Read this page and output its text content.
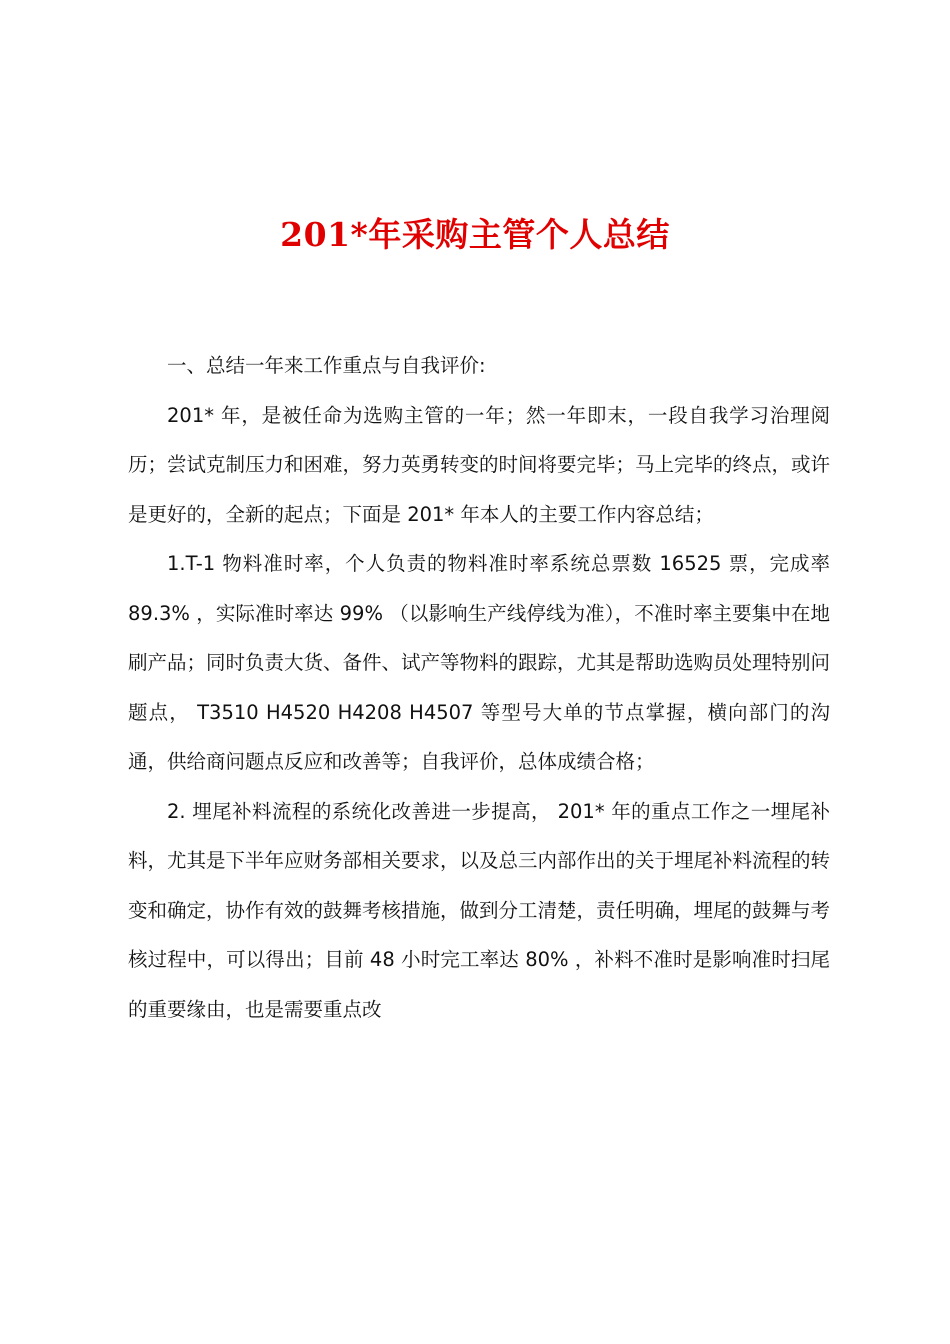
201*年采购主管个人总结

一、总结一年来工作重点与自我评价:

201* 年，是被任命为选购主管的一年；然一年即末，一段自我学习治理阅历；尝试克制压力和困难，努力英勇转变的时间将要完毕；马上完毕的终点，或许是更好的，全新的起点；下面是 201* 年本人的主要工作内容总结；

1.T-1 物料准时率，个人负责的物料准时率系统总票数 16525 票，完成率 89.3% ，实际准时率达 99% （以影响生产线停线为准），不准时率主要集中在地刷产品；同时负责大货、备件、试产等物料的跟踪，尤其是帮助选购员处理特别问题点， T3510 H4520 H4208 H4507 等型号大单的节点掌握，横向部门的沟通，供给商问题点反应和改善等；自我评价，总体成绩合格；

2. 埋尾补料流程的系统化改善进一步提高， 201* 年的重点工作之一埋尾补料，尤其是下半年应财务部相关要求，以及总三内部作出的关于埋尾补料流程的转变和确定，协作有效的鼓舞考核措施，做到分工清楚，责任明确，埋尾的鼓舞与考核过程中，可以得出；目前 48 小时完工率达 80% ，补料不准时是影响准时扫尾的重要缘由，也是需要重点改
